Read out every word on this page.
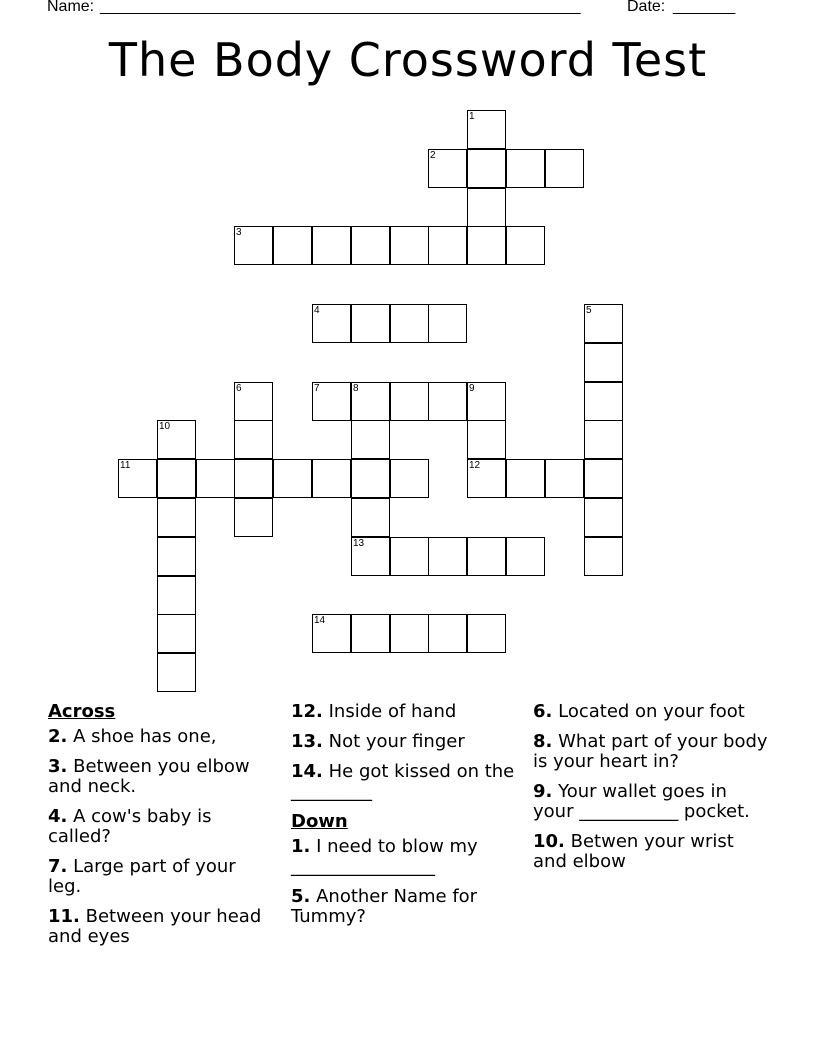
Name: ______________________________________________________	Date: _______
The Body Crossword Test
1
2
3
4	5
6	7	8	9
13
12
10
11
14
Across
2. A shoe has one,
3. Between you elbow and neck.
4. A cow's baby is called?
7. Large part of your leg.
11. Between your head and eyes
12. Inside of hand
13. Not your finger
14. He got kissed on the _________
Down
1. I need to blow my ________________
5. Another Name for Tummy?
6. Located on your foot
8. What part of your body is your heart in?
9. Your wallet goes in your ___________ pocket.
10. Betwen your wrist and elbow
